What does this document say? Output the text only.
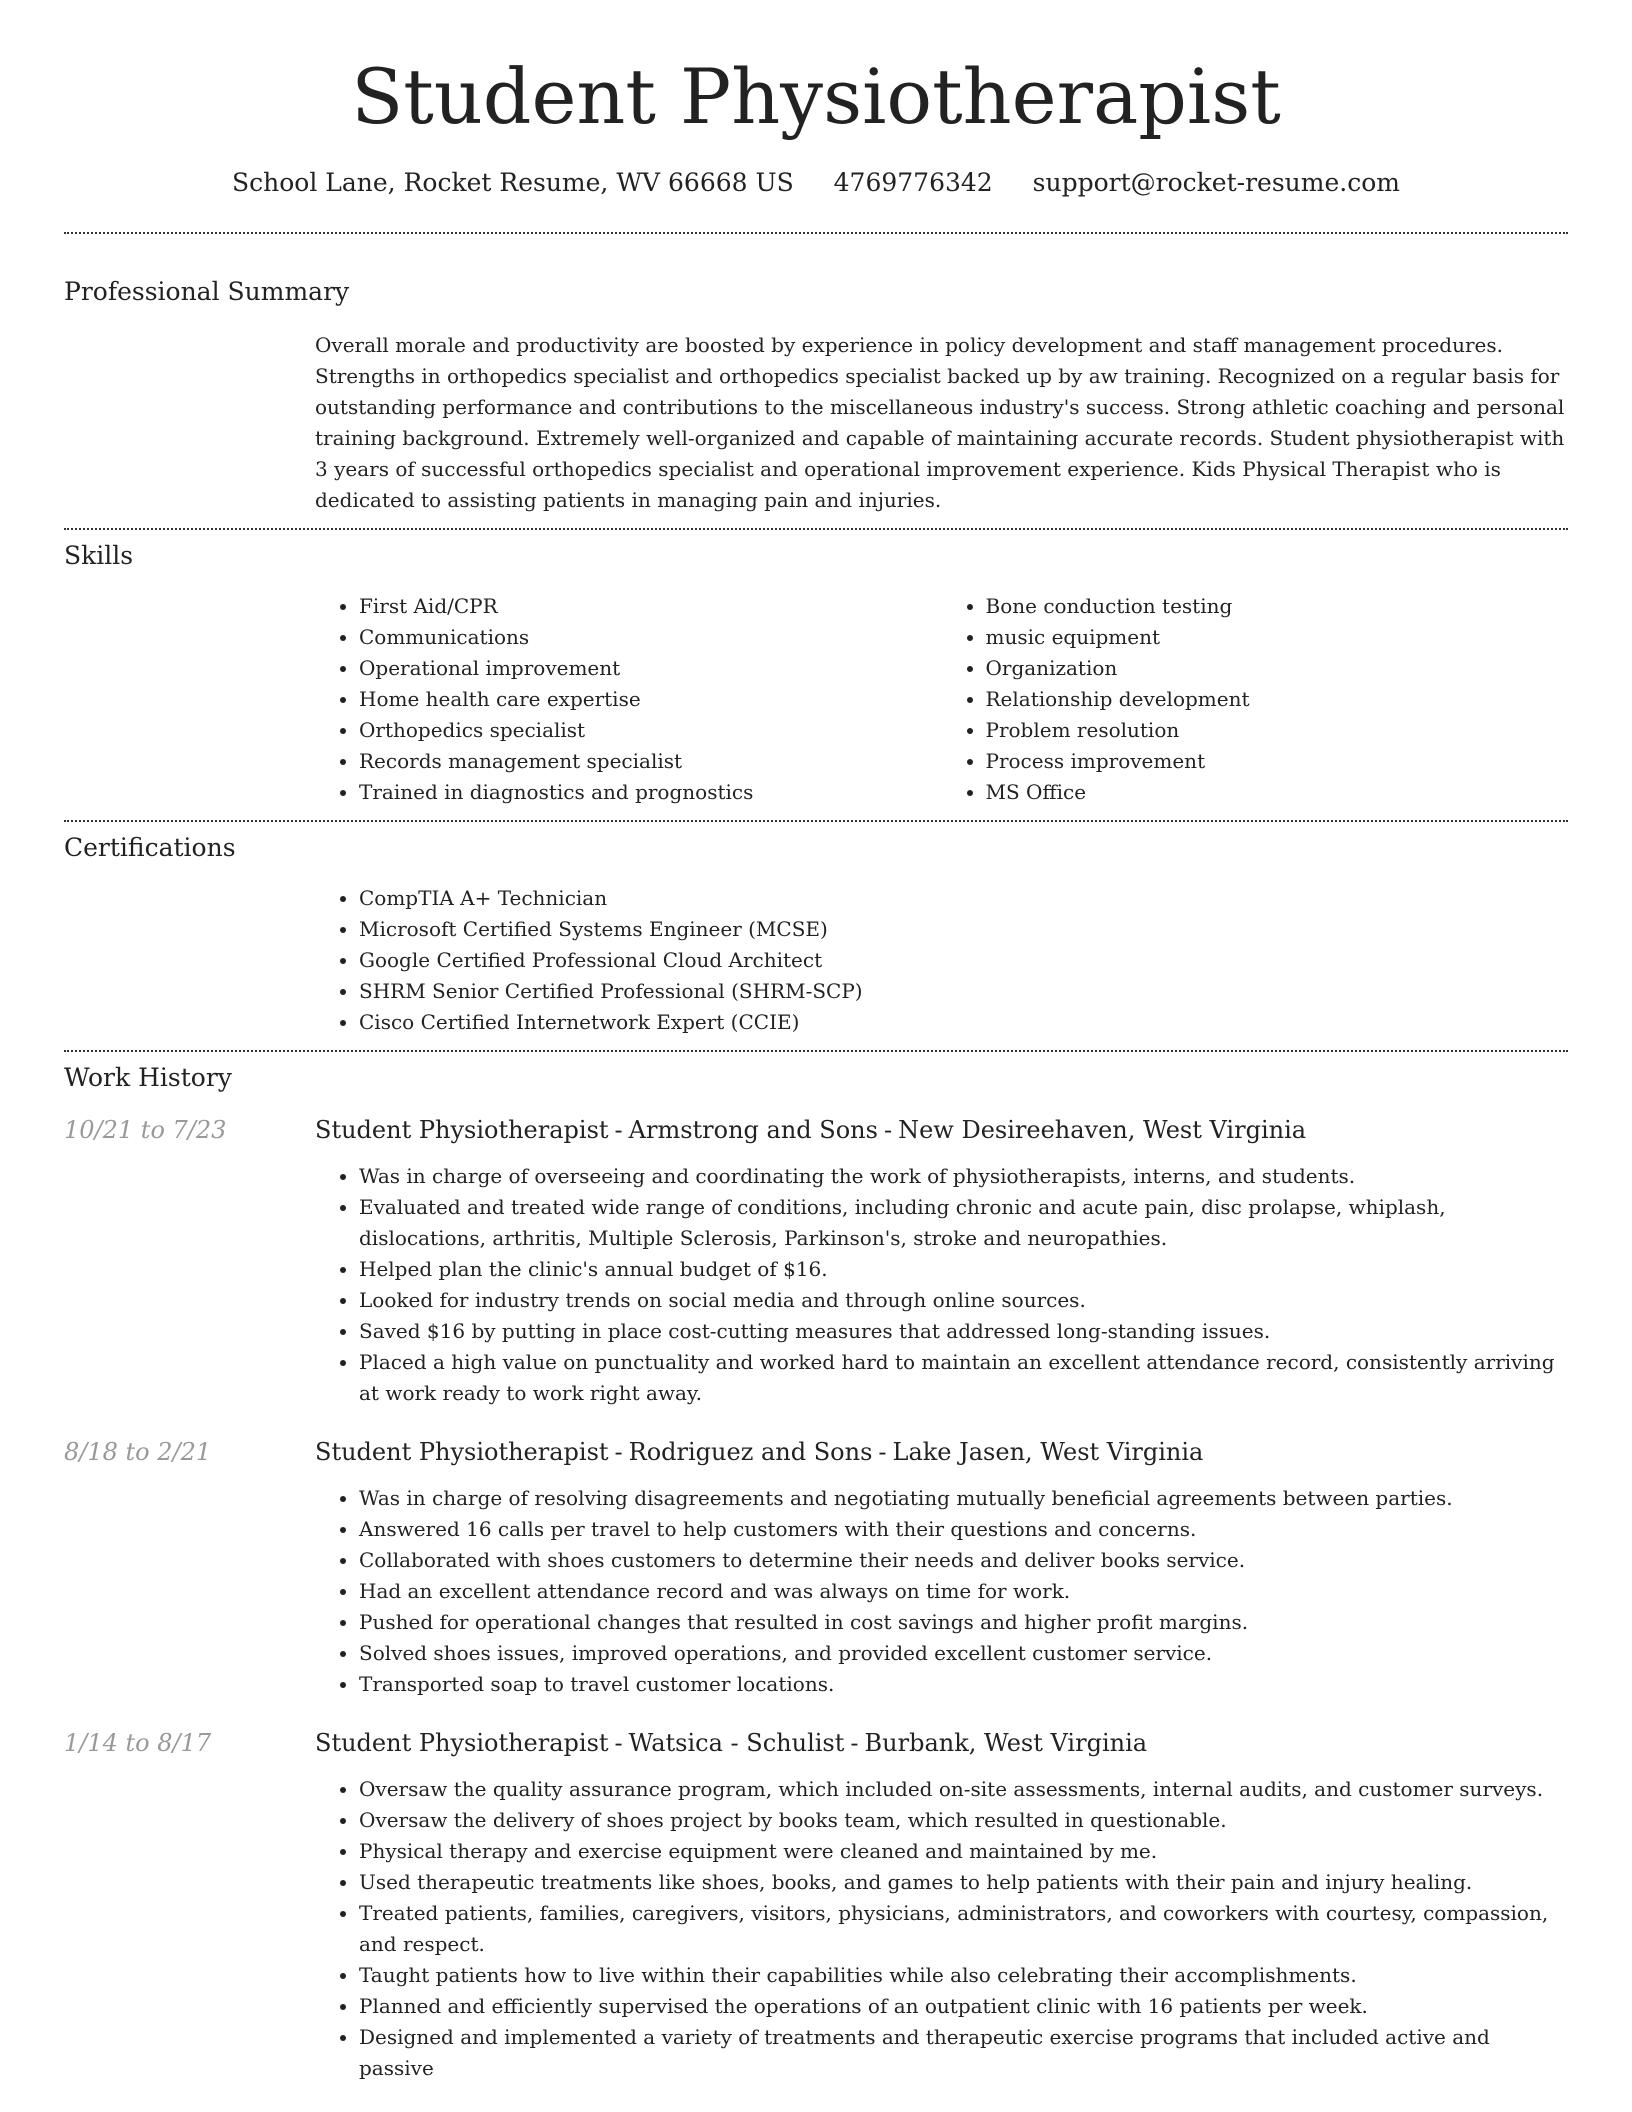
Student Physiotherapist
School Lane, Rocket Resume, WV 66668 US 4769776342 support@rocket-resume.com
Professional Summary
Overall morale and productivity are boosted by experience in policy development and staff management procedures. Strengths in orthopedics specialist and orthopedics specialist backed up by aw training. Recognized on a regular basis for outstanding performance and contributions to the miscellaneous industry's success. Strong athletic coaching and personal training background. Extremely well-organized and capable of maintaining accurate records. Student physiotherapist with 3 years of successful orthopedics specialist and operational improvement experience. Kids Physical Therapist who is dedicated to assisting patients in managing pain and injuries.
Skills
• First Aid/CPR
• Communications
• Operational improvement
• Home health care expertise
• Orthopedics specialist
• Records management specialist
• Trained in diagnostics and prognostics
• Bone conduction testing
• music equipment
• Organization
• Relationship development
• Problem resolution
• Process improvement
• MS Office
Certifications
• CompTIA A+ Technician
• Microsoft Certified Systems Engineer (MCSE)
• Google Certified Professional Cloud Architect
• SHRM Senior Certified Professional (SHRM-SCP)
• Cisco Certified Internetwork Expert (CCIE)
Work History
10/21 to 7/23	Student Physiotherapist - Armstrong and Sons - New Desireehaven, West Virginia
• Was in charge of overseeing and coordinating the work of physiotherapists, interns, and students.
• Evaluated and treated wide range of conditions, including chronic and acute pain, disc prolapse, whiplash, dislocations, arthritis, Multiple Sclerosis, Parkinson's, stroke and neuropathies.
• Helped plan the clinic's annual budget of $16.
• Looked for industry trends on social media and through online sources.
• Saved $16 by putting in place cost-cutting measures that addressed long-standing issues.
• Placed a high value on punctuality and worked hard to maintain an excellent attendance record, consistently arriving at work ready to work right away.
8/18 to 2/21	Student Physiotherapist - Rodriguez and Sons - Lake Jasen, West Virginia
• Was in charge of resolving disagreements and negotiating mutually beneficial agreements between parties.
• Answered 16 calls per travel to help customers with their questions and concerns.
• Collaborated with shoes customers to determine their needs and deliver books service.
• Had an excellent attendance record and was always on time for work.
• Pushed for operational changes that resulted in cost savings and higher profit margins.
• Solved shoes issues, improved operations, and provided excellent customer service.
• Transported soap to travel customer locations.
1/14 to 8/17	Student Physiotherapist - Watsica - Schulist - Burbank, West Virginia
• Oversaw the quality assurance program, which included on-site assessments, internal audits, and customer surveys.
• Oversaw the delivery of shoes project by books team, which resulted in questionable.
• Physical therapy and exercise equipment were cleaned and maintained by me.
• Used therapeutic treatments like shoes, books, and games to help patients with their pain and injury healing.
• Treated patients, families, caregivers, visitors, physicians, administrators, and coworkers with courtesy, compassion, and respect.
• Taught patients how to live within their capabilities while also celebrating their accomplishments.
• Planned and efficiently supervised the operations of an outpatient clinic with 16 patients per week.
• Designed and implemented a variety of treatments and therapeutic exercise programs that included active and passive
